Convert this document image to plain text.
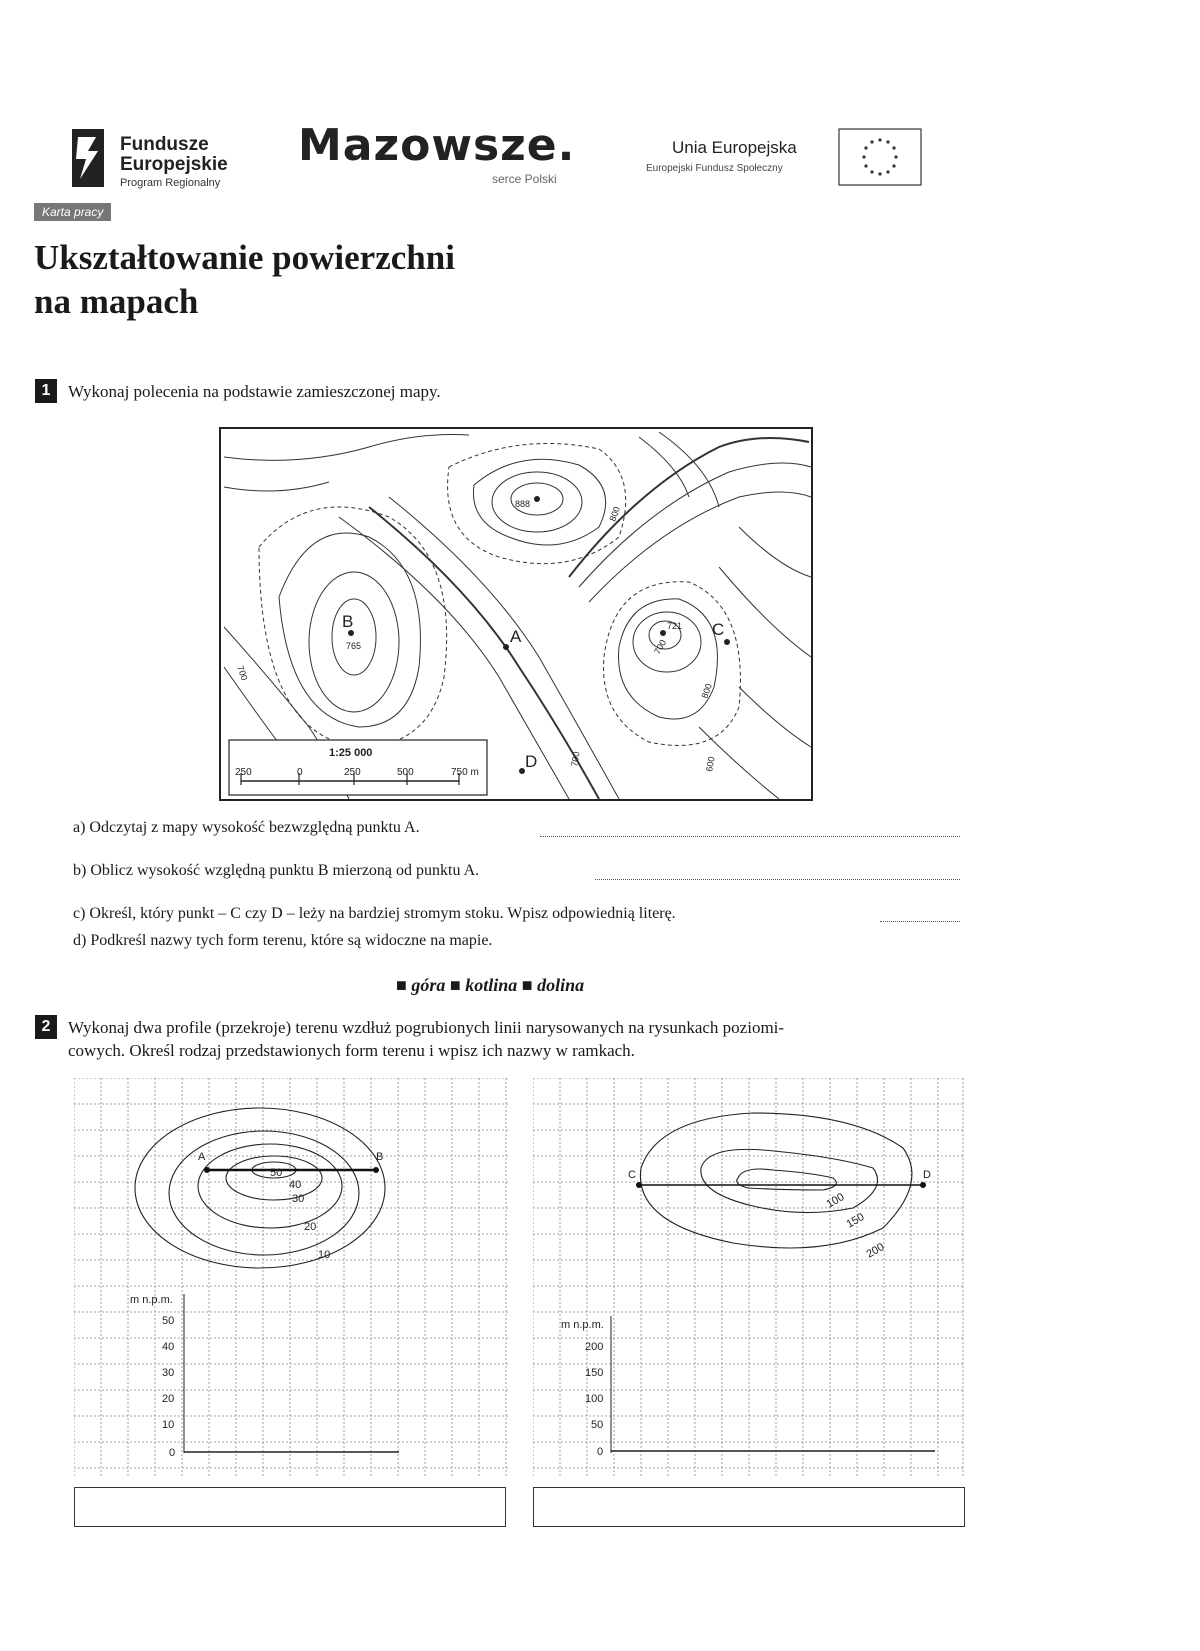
Fundusze
Europejskie
Program Regionalny
Mazowsze.
serce Polski
Unia Europejska
Europejski Fundusz Społeczny
Karta pracy
Ukształtowanie powierzchni
na mapach
1	Wykonaj polecenia na podstawie zamieszczonej mapy.
888
765
721
800
700
700
700
800
600
A
B	C
D
1:25 000
250	0	250	500	750 m
a) Odczytaj z mapy wysokość bezwzględną punktu A.
b) Oblicz wysokość względną punktu B mierzoną od punktu A.
c) Określ, który punkt – C czy D – leży na bardziej stromym stoku. Wpisz odpowiednią literę.
d) Podkreśl nazwy tych form terenu, które są widoczne na mapie.
■ góra ■ kotlina ■ dolina
2	Wykonaj dwa profile (przekroje) terenu wzdłuż pogrubionych linii narysowanych na rysunkach poziomi-
cowych. Określ rodzaj przedstawionych form terenu i wpisz ich nazwy w ramkach.
A	B
50
40
30
20
10
m n.p.m.
50
40
30
20
10
0
C	D
100
150
200
m n.p.m.
200
150
100
50
0
